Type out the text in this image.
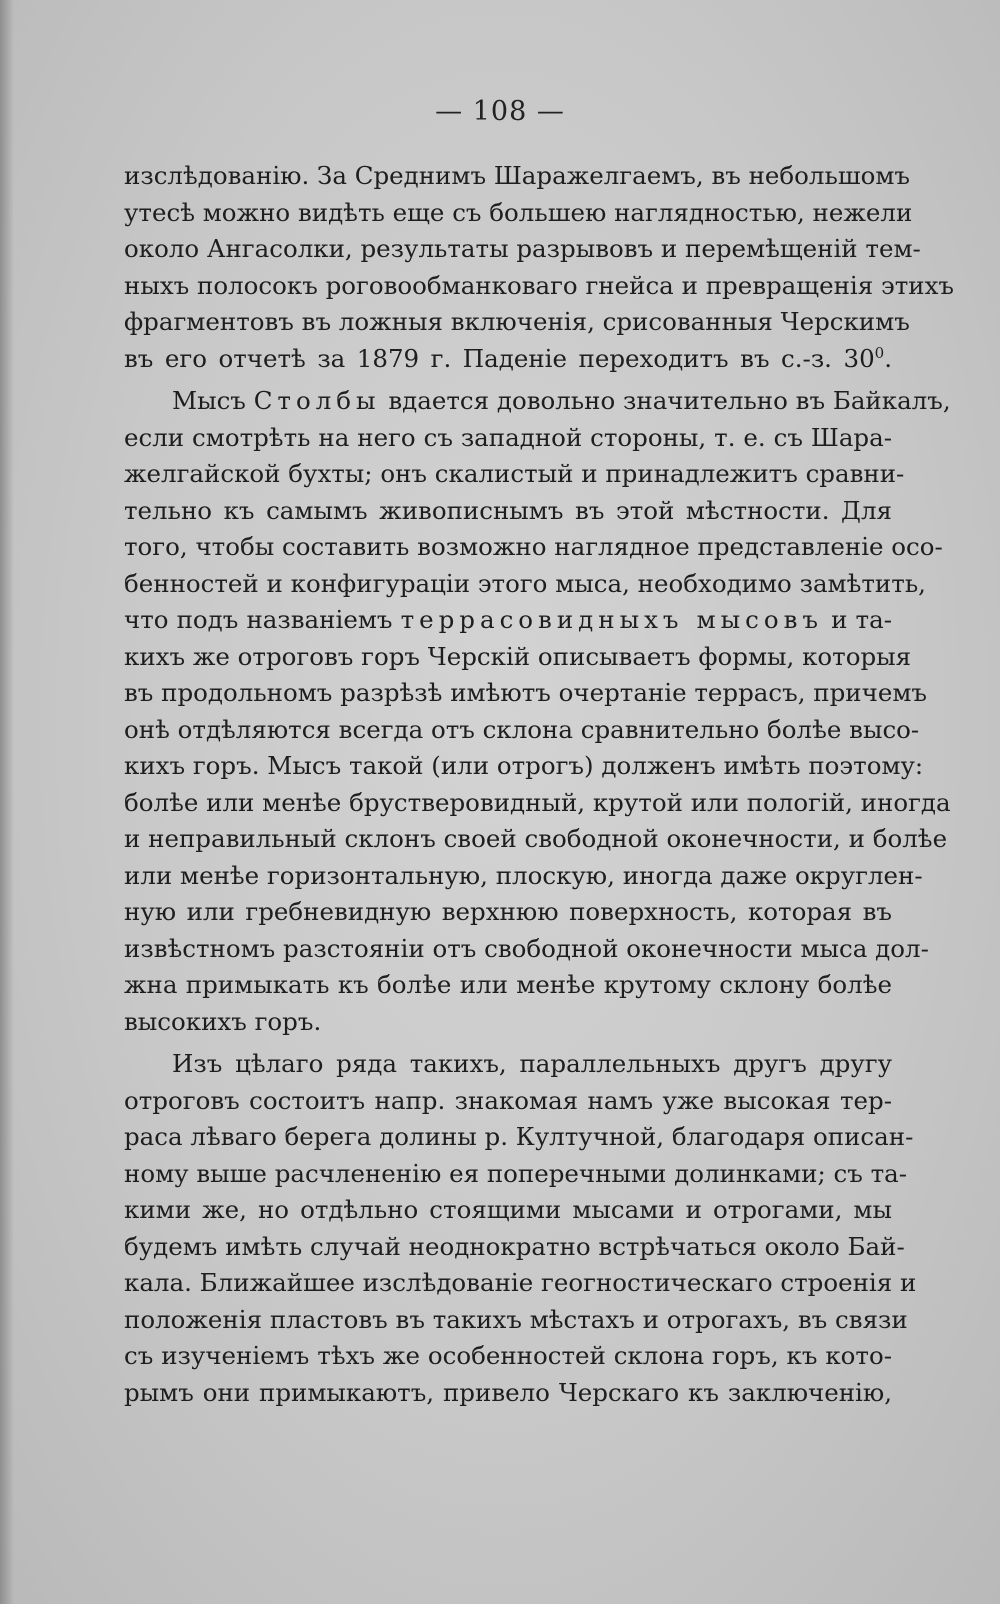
— 108 —
изслѣдованію. За Среднимъ Шаражелгаемъ, въ небольшомъ
утесѣ можно видѣть еще съ большею наглядностью, нежели
около Ангасолки, результаты разрывовъ и перемѣщеній тем-
ныхъ полосокъ роговообманковаго гнейса и превращенія этихъ
фрагментовъ въ ложныя включенія, срисованныя Черскимъ
въ его отчетѣ за 1879 г. Паденіе переходитъ въ с.-з. $30^0$.
Мысъ Столбы вдается довольно значительно въ Байкалъ,
если смотрѣть на него съ западной стороны, т. е. съ Шара-
желгайской бухты; онъ скалистый и принадлежитъ сравни-
тельно къ самымъ живописнымъ въ этой мѣстности. Для
того, чтобы составить возможно наглядное представленіе осо-
бенностей и конфигураціи этого мыса, необходимо замѣтить,
что подъ названіемъ террасовидныхъ мысовъ и та-
кихъ же отроговъ горъ Черскій описываетъ формы, которыя
въ продольномъ разрѣзѣ имѣютъ очертаніе террасъ, причемъ
онѣ отдѣляются всегда отъ склона сравнительно болѣе высо-
кихъ горъ. Мысъ такой (или отрогъ) долженъ имѣть поэтому:
болѣе или менѣе брустверовидный, крутой или пологій, иногда
и неправильный склонъ своей свободной оконечности, и болѣе
или менѣе горизонтальную, плоскую, иногда даже округлен-
ную или гребневидную верхнюю поверхность, которая въ
извѣстномъ разстояніи отъ свободной оконечности мыса дол-
жна примыкать къ болѣе или менѣе крутому склону болѣе
высокихъ горъ.
Изъ цѣлаго ряда такихъ, параллельныхъ другъ другу
отроговъ состоитъ напр. знакомая намъ уже высокая тер-
раса лѣваго берега долины р. Култучной, благодаря описан-
ному выше расчлененію ея поперечными долинками; съ та-
кими же, но отдѣльно стоящими мысами и отрогами, мы
будемъ имѣть случай неоднократно встрѣчаться около Бай-
кала. Ближайшее изслѣдованіе геогностическаго строенія и
положенія пластовъ въ такихъ мѣстахъ и отрогахъ, въ связи
съ изученіемъ тѣхъ же особенностей склона горъ, къ кото-
рымъ они примыкаютъ, привело Черскаго къ заключенію,
